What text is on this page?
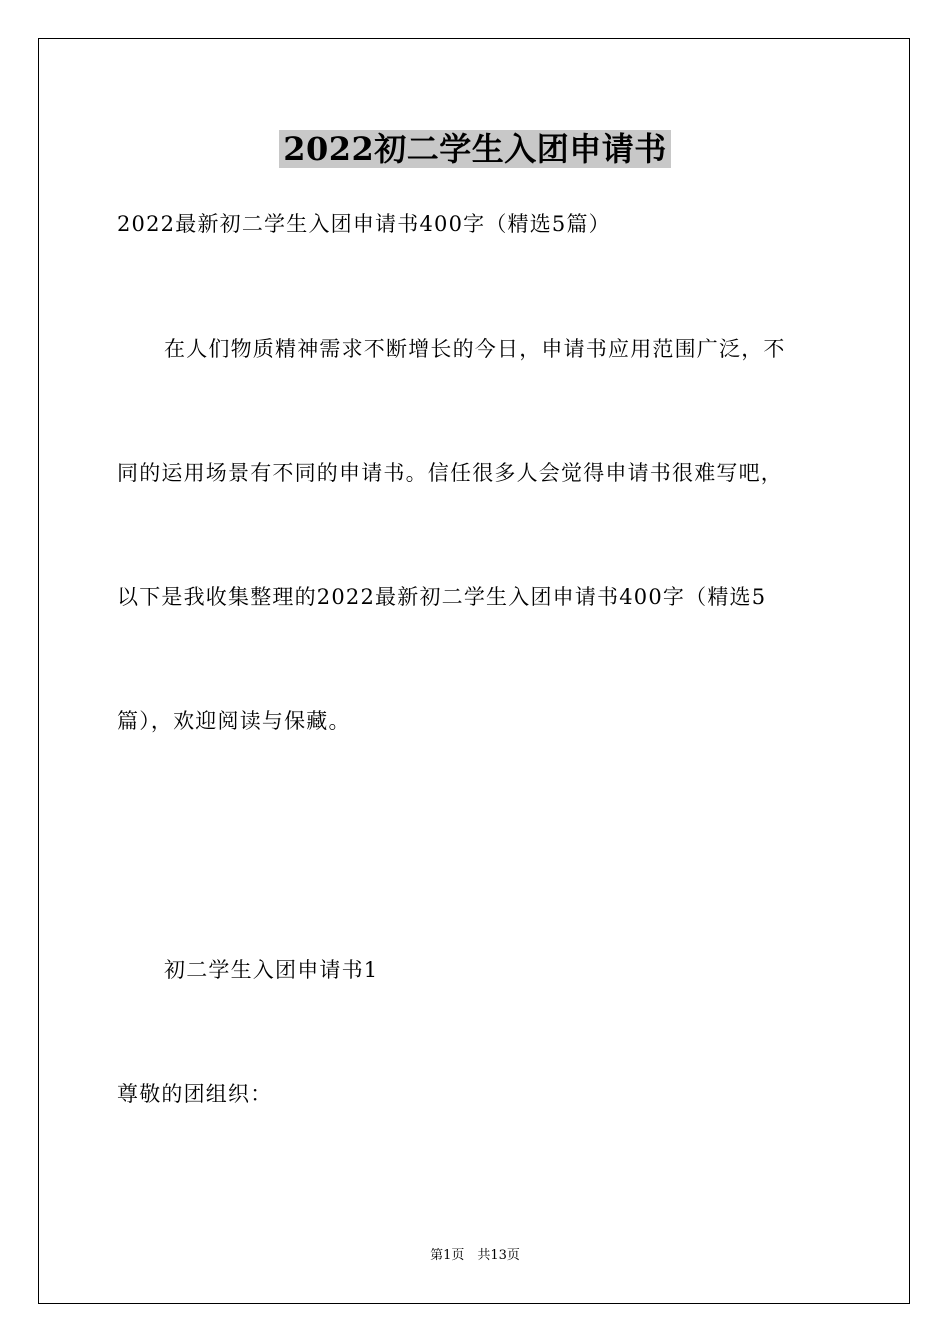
2022初二学生入团申请书
2022最新初二学生入团申请书400字（精选5篇）
在人们物质精神需求不断增长的今日，申请书应用范围广泛，不
同的运用场景有不同的申请书。信任很多人会觉得申请书很难写吧，
以下是我收集整理的2022最新初二学生入团申请书400字（精选5
篇），欢迎阅读与保藏。
初二学生入团申请书1
尊敬的团组织：
第1页　共13页
